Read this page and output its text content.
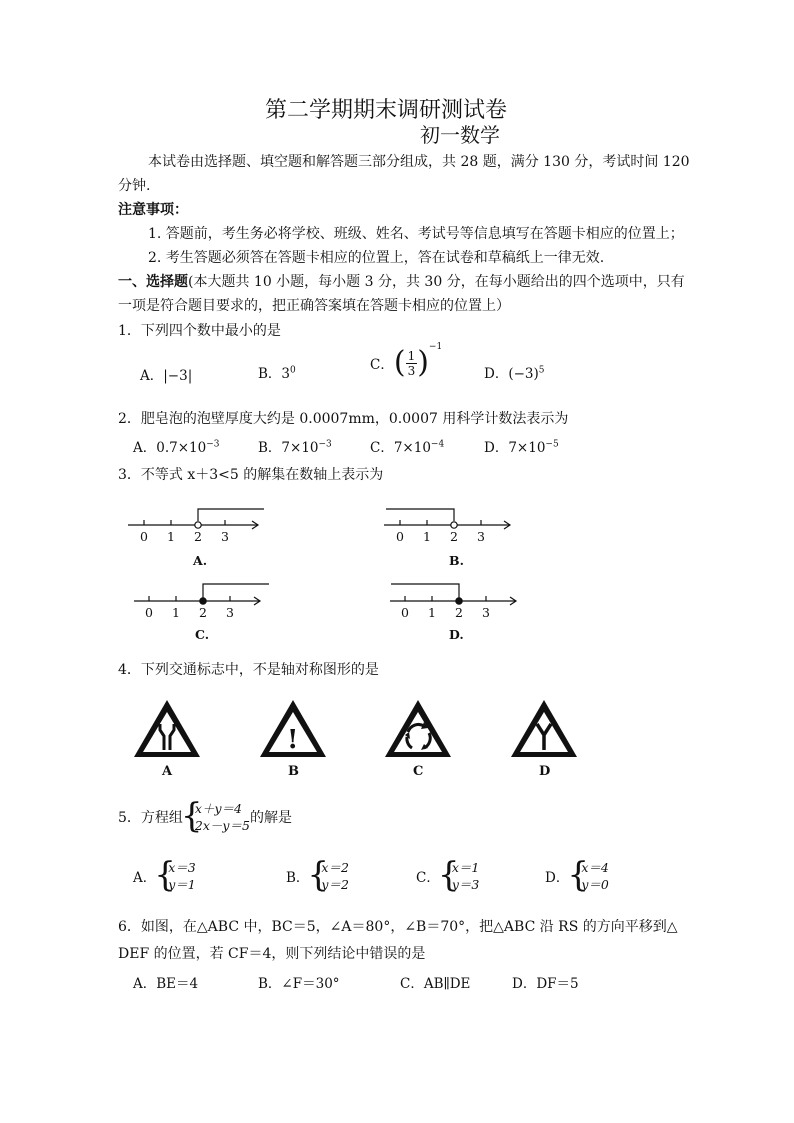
第二学期期末调研测试卷
初一数学
本试卷由选择题、填空题和解答题三部分组成，共 28 题，满分 130 分，考试时间 120
分钟.
注意事项：
1. 答题前，考生务必将学校、班级、姓名、考试号等信息填写在答题卡相应的位置上；
2. 考生答题必须答在答题卡相应的位置上，答在试卷和草稿纸上一律无效.
一、选择题(本大题共 10 小题，每小题 3 分，共 30 分，在每小题给出的四个选项中，只有
一项是符合题目要求的，把正确答案填在答题卡相应的位置上）
1．下列四个数中最小的是
A．|−3|	B．$3^0$	C．( $\frac{1}{3} )^{-1}$
D．$(-3)^5$
2．肥皂泡的泡壁厚度大约是 0.0007mm，0.0007 用科学计数法表示为
A．$0.7\times 10^{-3}$	B．$7\times 10^{-3}$	C．$7\times 10^{-4}$	D．$7\times 10^{-5}$
3．不等式 x＋3<5 的解集在数轴上表示为
0 1 2 3
A.
0 1 2 3
B.
0 1 2 3
C.
0 1 2 3
D.
4．下列交通标志中，不是轴对称图形的是
A
!
B	C	D
5．方程组
{
x＋y＝4
2x－y＝5 的解是
A．
{
x＝3
y＝1	B．
{
x＝2
y＝2	C．
{
x＝1
y＝3	D．
{
x＝4
y＝0
6．如图，在△ABC 中，BC＝5，∠A＝80°，∠B＝70°，把△ABC 沿 RS 的方向平移到△
DEF 的位置，若 CF＝4，则下列结论中错误的是
A．BE＝4	B．∠F＝30°	C．AB∥DE	D．DF＝5
